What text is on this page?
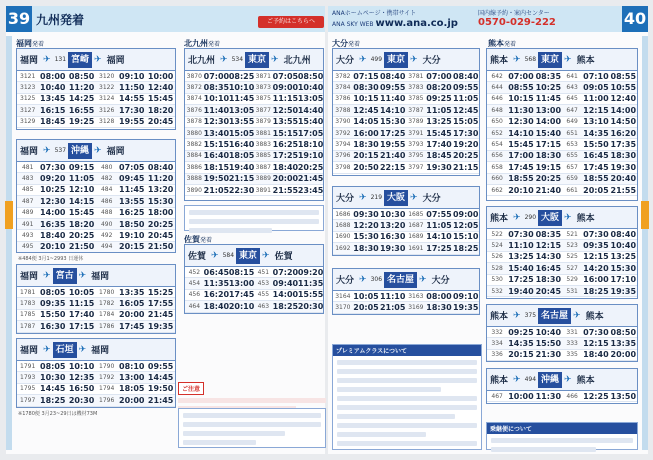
39 九州発着	ご予約はこちらへ
福岡発着
福岡 ✈ 131 宮崎 ✈ 福岡
3121 08:00 08:50 3120 09:10 10:00
3123 10:40 11:20 3122 11:50 12:40
3125 13:45 14:25 3124 14:55 15:45
3127 16:15 16:55 3126 17:30 18:20
3129 18:45 19:25 3128 19:55 20:45
福岡 ✈ 537 沖縄 ✈ 福岡
481 07:30 09:15	480 07:05 08:40
483 09:20 11:05	482 09:45 11:20
485 10:25 12:10	484 11:45 13:20
487 12:30 14:15	486 13:55 15:30
489 14:00 15:45	488 16:25 18:00
491 16:35 18:20	490 18:50 20:25
493 18:40 20:25	492 19:10 20:45
495 20:10 21:50	494 20:15 21:50
※484便 3月1~2993 日運休
福岡 ✈ 宮古 ✈ 福岡
1781 08:05 10:05 1780 13:35 15:25
1783 09:35 11:15 1782 16:05 17:55
1785 15:50 17:40 1784 20:00 21:45
1787 16:30 17:15 1786 17:45 19:35
福岡 ✈ 石垣 ✈ 福岡
1791 08:05 10:10 1790 08:10 09:55
1793 10:30 12:35 1792 13:00 14:45
1795 14:45 16:50 1794 18:05 19:50
1797 18:25 20:30 1796 20:00 21:45
※1780便 3月23~29日は機材73M
北九州発着
北九州 ✈ 534 東京 ✈ 北九州
3870 07:00 08:25 3871 07:05 08:50
3872 08:35 10:10 3873 09:00 10:40
3874 10:10 11:45 3875 11:15 13:05
3876 11:40 13:05 3877 12:50 14:40
3878 12:30 13:55 3879 13:55 15:40
3880 13:40 15:05 3881 15:15 17:05
3882 15:15 16:40 3883 16:25 18:10
3884 16:40 18:05 3885 17:25 19:10
3886 18:15 19:40 3887 18:40 20:25
3888 19:50 21:15 3889 20:00 21:45
3890 21:05 22:30 3891 21:55 23:45
佐賀発着
佐賀 ✈ 584 東京 ✈ 佐賀
452 06:45 08:15 451 07:20 09:20
454 11:35 13:00 453 09:40 11:35
456 16:20 17:45 455 14:00 15:55
464 18:40 20:10 463 18:25 20:30
ご注意
ANAホームページ・携帯サイト
ANA SKY WEB www.ana.co.jp
国内線予約・案内センター
0570-029-222	40
大分発着
大分 ✈ 499 東京 ✈ 大分
3782 07:15 08:40 3781 07:00 08:40
3784 08:30 09:55 3783 08:20 09:55
3786 10:15 11:40 3785 09:25 11:05
3788 12:45 14:10 3787 11:05 12:45
3790 14:05 15:30 3789 13:25 15:05
3792 16:00 17:25 3791 15:45 17:30
3794 18:30 19:55 3793 17:40 19:20
3796 20:15 21:40 3795 18:45 20:25
3798 20:50 22:15 3797 19:30 21:15
大分 ✈ 219 大阪 ✈ 大分
1686 09:30 10:30 1685 07:55 09:00
1688 12:20 13:20 1687 11:05 12:05
1690 15:30 16:30 1689 14:10 15:10
1692 18:30 19:30 1691 17:25 18:25
大分 ✈ 306 名古屋 ✈ 大分
3164 10:05 11:10 3163 08:00 09:10
3170 20:05 21:05 3169 18:30 19:35
プレミアムクラスについて
熊本発着
熊本 ✈ 568 東京 ✈ 熊本
642 07:00 08:35 641 07:10 08:55
644 08:55 10:25 643 09:05 10:55
646 10:15 11:45 645 11:00 12:40
648 11:30 13:00 647 12:15 14:00
650 12:30 14:00 649 13:10 14:50
652 14:10 15:40 651 14:35 16:20
654 15:45 17:15 653 15:50 17:35
656 17:00 18:30 655 16:45 18:30
658 17:45 19:15 657 17:45 19:30
660 18:55 20:25 659 18:55 20:40
662 20:10 21:40 661 20:05 21:55
熊本 ✈ 290 大阪 ✈ 熊本
522 07:30 08:35 521 07:30 08:40
524 11:10 12:15 523 09:35 10:40
526 13:25 14:30 525 12:15 13:25
528 15:40 16:45 527 14:20 15:30
530 17:25 18:30 529 16:00 17:10
532 19:40 20:45 531 18:25 19:35
熊本 ✈ 375 名古屋 ✈ 熊本
332 09:25 10:40 331 07:30 08:50
334 14:35 15:50 333 12:15 13:35
336 20:15 21:30 335 18:40 20:00
熊本 ✈ 494 沖縄 ✈ 熊本
467 10:00 11:30 466 12:25 13:50
乗継便について
